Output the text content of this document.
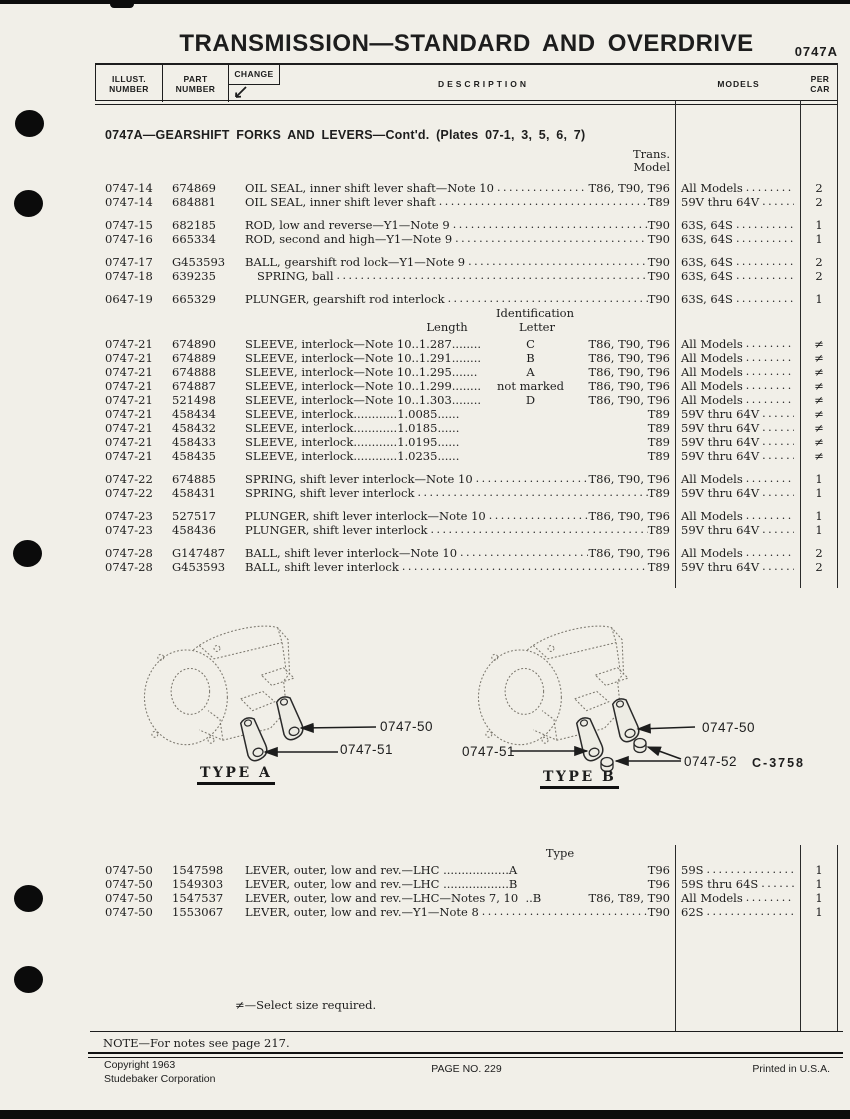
TRANSMISSION—STANDARD AND OVERDRIVE	0747A
ILLUST.
NUMBER
PART
NUMBER
CHANGE
DESCRIPTION	MODELS	PER
CAR
0747A—GEARSHIFT FORKS AND LEVERS—Cont'd. (Plates 07-1, 3, 5, 6, 7)
Trans.
Model
0747-14	674869	OIL SEAL, inner shift lever shaft—Note 10 .....	T86, T90, T96 All Models .....	2
0747-14	684881	OIL SEAL, inner shift lever shaft .....	T89 59V thru 64V .....	2
0747-15	682185	ROD, low and reverse—Y1—Note 9 .....	T90 63S, 64S .....	1
0747-16	665334	ROD, second and high—Y1—Note 9 .....	T90 63S, 64S .....	1
0747-17	G453593	BALL, gearshift rod lock—Y1—Note 9 .....	T90 63S, 64S .....	2
0747-18	639235	SPRING, ball .....	T90 63S, 64S .....	2
0647-19	665329	PLUNGER, gearshift rod interlock .....	T90 63S, 64S .....	1
Identification
Length	Letter
0747-21	674890	SLEEVE, interlock—Note 10..1.287........	C	T86, T90, T96 All Models .....	≠
0747-21	674889	SLEEVE, interlock—Note 10..1.291........	B	T86, T90, T96 All Models .....	≠
0747-21	674888	SLEEVE, interlock—Note 10..1.295.......	A	T86, T90, T96 All Models .....	≠
0747-21	674887	SLEEVE, interlock—Note 10..1.299........	not marked	T86, T90, T96 All Models .....	≠
0747-21	521498	SLEEVE, interlock—Note 10..1.303........	D	T86, T90, T96 All Models .....	≠
0747-21	458434	SLEEVE, interlock............1.0085......	T89 59V thru 64V .....	≠
0747-21	458432	SLEEVE, interlock............1.0185......	T89 59V thru 64V .....	≠
0747-21	458433	SLEEVE, interlock............1.0195......	T89 59V thru 64V .....	≠
0747-21	458435	SLEEVE, interlock............1.0235......	T89 59V thru 64V .....	≠
0747-22	674885	SPRING, shift lever interlock—Note 10 .....	T86, T90, T96 All Models .....	1
0747-22	458431	SPRING, shift lever interlock .....	T89 59V thru 64V .....	1
0747-23	527517	PLUNGER, shift lever interlock—Note 10 .....	T86, T90, T96 All Models .....	1
0747-23	458436	PLUNGER, shift lever interlock .....	T89 59V thru 64V .....	1
0747-28	G147487	BALL, shift lever interlock—Note 10 .....	T86, T90, T96 All Models .....	2
0747-28	G453593	BALL, shift lever interlock .....	T89 59V thru 64V .....	2
0747-50
0747-51
0747-50
0747-51
0747-52 C-3758
TYPE A	TYPE B
Type
0747-50	1547598	LEVER, outer, low and rev.—LHC ..................A	T96 59S .....	1
0747-50	1549303	LEVER, outer, low and rev.—LHC ..................B	T96 59S thru 64S .....	1
0747-50	1547537	LEVER, outer, low and rev.—LHC—Notes 7, 10  ..B	T86, T89, T90 All Models .....	1
0747-50	1553067	LEVER, outer, low and rev.—Y1—Note 8 .....	T90 62S .....	1
≠—Select size required.
NOTE—For notes see page 217.
Copyright 1963
Studebaker Corporation
PAGE NO. 229	Printed in U.S.A.
